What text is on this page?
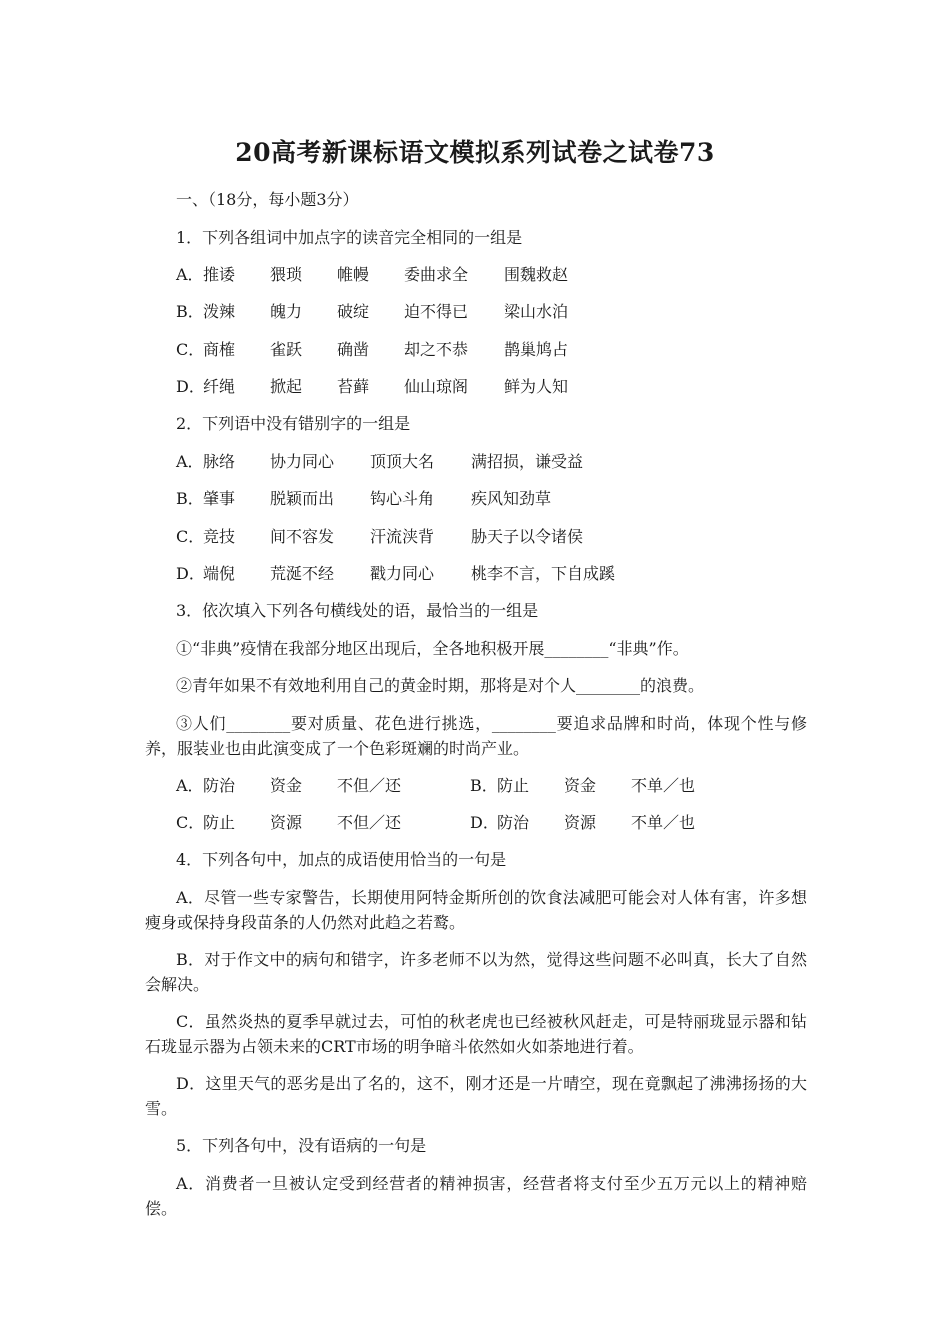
20高考新课标语文模拟系列试卷之试卷73
一、（18分，每小题3分）
1．下列各组词中加点字的读音完全相同的一组是
A． 推诿 猥琐 帷幔 委曲求全 围魏救赵
B． 泼辣 魄力 破绽 迫不得已 梁山水泊
C．
商榷 雀跃 确凿 却之不恭 鹊巢鸠占
D．
纤绳 掀起 苔藓 仙山琼阁 鲜为人知
2．下列语中没有错别字的一组是
A． 脉络 协力同心 顶顶大名 满招损，谦受益
B． 肇事 脱颖而出 钩心斗角 疾风知劲草
C．
竞技 间不容发 汗流浃背 胁天子以令诸侯
D．
端倪 荒涎不经 戳力同心 桃李不言，下自成蹊
3．依次填入下列各句横线处的语，最恰当的一组是
①“非典”疫情在我部分地区出现后，全各地积极开展________“非典”作。
②青年如果不有效地利用自己的黄金时期，那将是对个人________的浪费。
③人们________要对质量、花色进行挑选，________要追求品牌和时尚，体现个性与修养，服装业也由此演变成了一个色彩斑斓的时尚产业。
A． 防治 资金 不但／还	B． 防止 资金 不单／也
C．
防止 资源 不但／还	D．
防治 资源 不单／也
4．下列各句中，加点的成语使用恰当的一句是
A．尽管一些专家警告，长期使用阿特金斯所创的饮食法减肥可能会对人体有害，许多想瘦身或保持身段苗条的人仍然对此趋之若鹜。
B．对于作文中的病句和错字，许多老师不以为然，觉得这些问题不必叫真，长大了自然会解决。
C．虽然炎热的夏季早就过去，可怕的秋老虎也已经被秋风赶走，可是特丽珑显示器和钻石珑显示器为占领未来的CRT市场的明争暗斗依然如火如荼地进行着。
D．这里天气的恶劣是出了名的，这不，刚才还是一片晴空，现在竟飘起了沸沸扬扬的大雪。
5．下列各句中，没有语病的一句是
A．消费者一旦被认定受到经营者的精神损害，经营者将支付至少五万元以上的精神赔偿。
